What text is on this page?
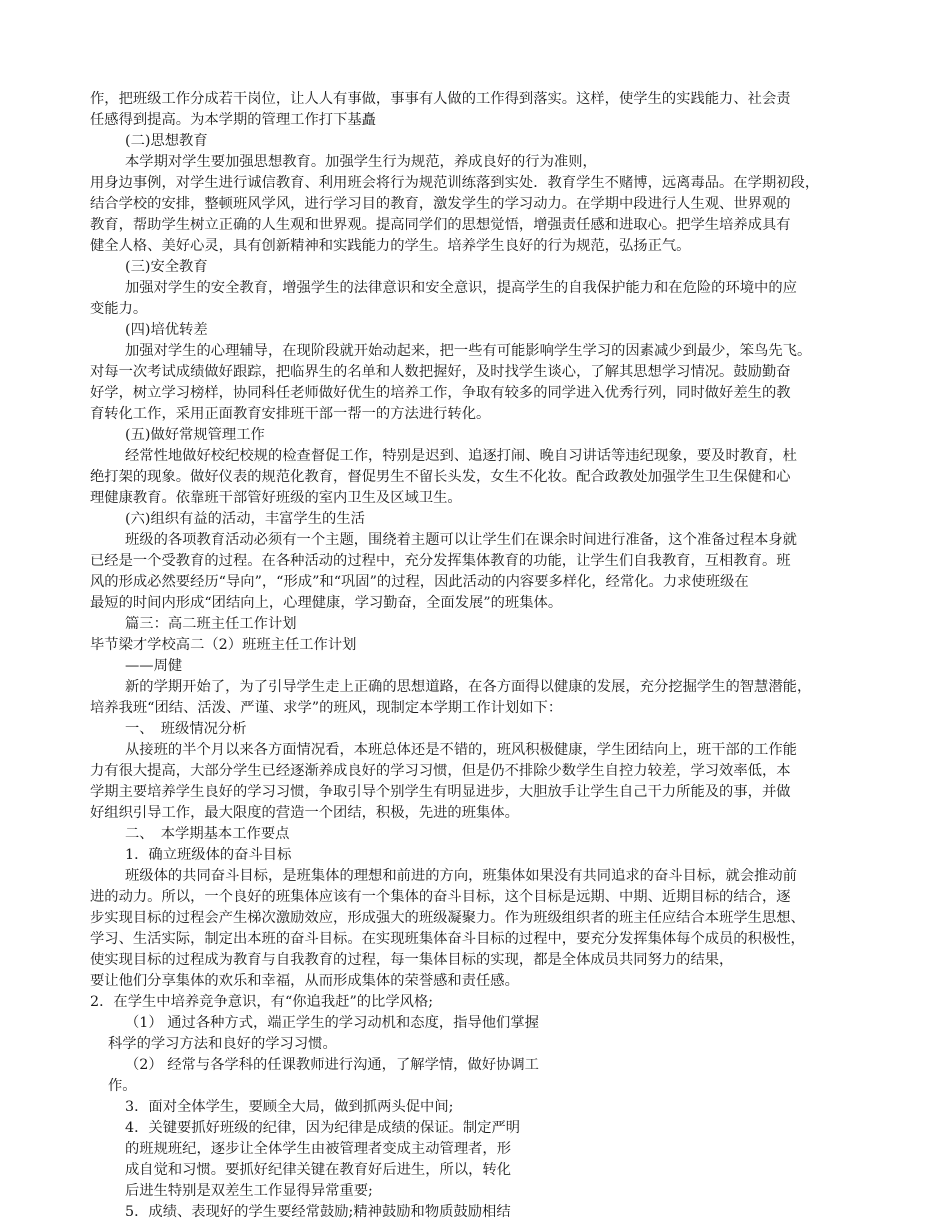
作，把班级工作分成若干岗位，让人人有事做，事事有人做的工作得到落实。这样，使学生的实践能力、社会责
任感得到提高。为本学期的管理工作打下基矗
(二)思想教育
本学期对学生要加强思想教育。加强学生行为规范，养成良好的行为准则，
用身边事例，对学生进行诚信教育、利用班会将行为规范训练落到实处．教育学生不赌博，远离毒品。在学期初段，
结合学校的安排，整顿班风学风，进行学习目的教育，激发学生的学习动力。在学期中段进行人生观、世界观的
教育，帮助学生树立正确的人生观和世界观。提高同学们的思想觉悟，增强责任感和进取心。把学生培养成具有
健全人格、美好心灵，具有创新精神和实践能力的学生。培养学生良好的行为规范，弘扬正气。
(三)安全教育
加强对学生的安全教育，增强学生的法律意识和安全意识，提高学生的自我保护能力和在危险的环境中的应
变能力。
(四)培优转差
加强对学生的心理辅导，在现阶段就开始动起来，把一些有可能影响学生学习的因素减少到最少，笨鸟先飞。
对每一次考试成绩做好跟踪，把临界生的名单和人数把握好，及时找学生谈心，了解其思想学习情况。鼓励勤奋
好学，树立学习榜样，协同科任老师做好优生的培养工作，争取有较多的同学进入优秀行列，同时做好差生的教
育转化工作，采用正面教育安排班干部一帮一的方法进行转化。
(五)做好常规管理工作
经常性地做好校纪校规的检查督促工作，特别是迟到、追逐打闹、晚自习讲话等违纪现象，要及时教育，杜
绝打架的现象。做好仪表的规范化教育，督促男生不留长头发，女生不化妆。配合政教处加强学生卫生保健和心
理健康教育。依靠班干部管好班级的室内卫生及区域卫生。
(六)组织有益的活动，丰富学生的生活
班级的各项教育活动必须有一个主题，围绕着主题可以让学生们在课余时间进行准备，这个准备过程本身就
已经是一个受教育的过程。在各种活动的过程中，充分发挥集体教育的功能，让学生们自我教育，互相教育。班
风的形成必然要经历“导向”，“形成”和“巩固”的过程，因此活动的内容要多样化，经常化。力求使班级在
最短的时间内形成“团结向上，心理健康，学习勤奋，全面发展”的班集体。
篇三：高二班主任工作计划
毕节梁才学校高二（2）班班主任工作计划
——周健
新的学期开始了，为了引导学生走上正确的思想道路，在各方面得以健康的发展，充分挖掘学生的智慧潜能，
培养我班“团结、活泼、严谨、求学”的班风，现制定本学期工作计划如下：
一、　班级情况分析
从接班的半个月以来各方面情况看，本班总体还是不错的，班风积极健康，学生团结向上，班干部的工作能
力有很大提高，大部分学生已经逐渐养成良好的学习习惯，但是仍不排除少数学生自控力较差，学习效率低，本
学期主要培养学生良好的学习习惯，争取引导个别学生有明显进步，大胆放手让学生自己干力所能及的事，并做
好组织引导工作，最大限度的营造一个团结，积极，先进的班集体。
二、　本学期基本工作要点
1．确立班级体的奋斗目标
班级体的共同奋斗目标，是班集体的理想和前进的方向，班集体如果没有共同追求的奋斗目标，就会推动前
进的动力。所以，一个良好的班集体应该有一个集体的奋斗目标，这个目标是远期、中期、近期目标的结合，逐
步实现目标的过程会产生梯次激励效应，形成强大的班级凝聚力。作为班级组织者的班主任应结合本班学生思想、
学习、生活实际，制定出本班的奋斗目标。在实现班集体奋斗目标的过程中，要充分发挥集体每个成员的积极性，
使实现目标的过程成为教育与自我教育的过程，每一集体目标的实现，都是全体成员共同努力的结果，
要让他们分享集体的欢乐和幸福，从而形成集体的荣誉感和责任感。
2．在学生中培养竞争意识，有“你追我赶”的比学风格;
（1） 通过各种方式，端正学生的学习动机和态度，指导他们掌握
科学的学习方法和良好的学习习惯。
（2） 经常与各学科的任课教师进行沟通，了解学情，做好协调工
作。
3．面对全体学生，要顾全大局，做到抓两头促中间;
4．关键要抓好班级的纪律，因为纪律是成绩的保证。制定严明
的班规班纪，逐步让全体学生由被管理者变成主动管理者，形
成自觉和习惯。要抓好纪律关键在教育好后进生，所以，转化
后进生特别是双差生工作显得异常重要;
5．成绩、表现好的学生要经常鼓励;精神鼓励和物质鼓励相结
